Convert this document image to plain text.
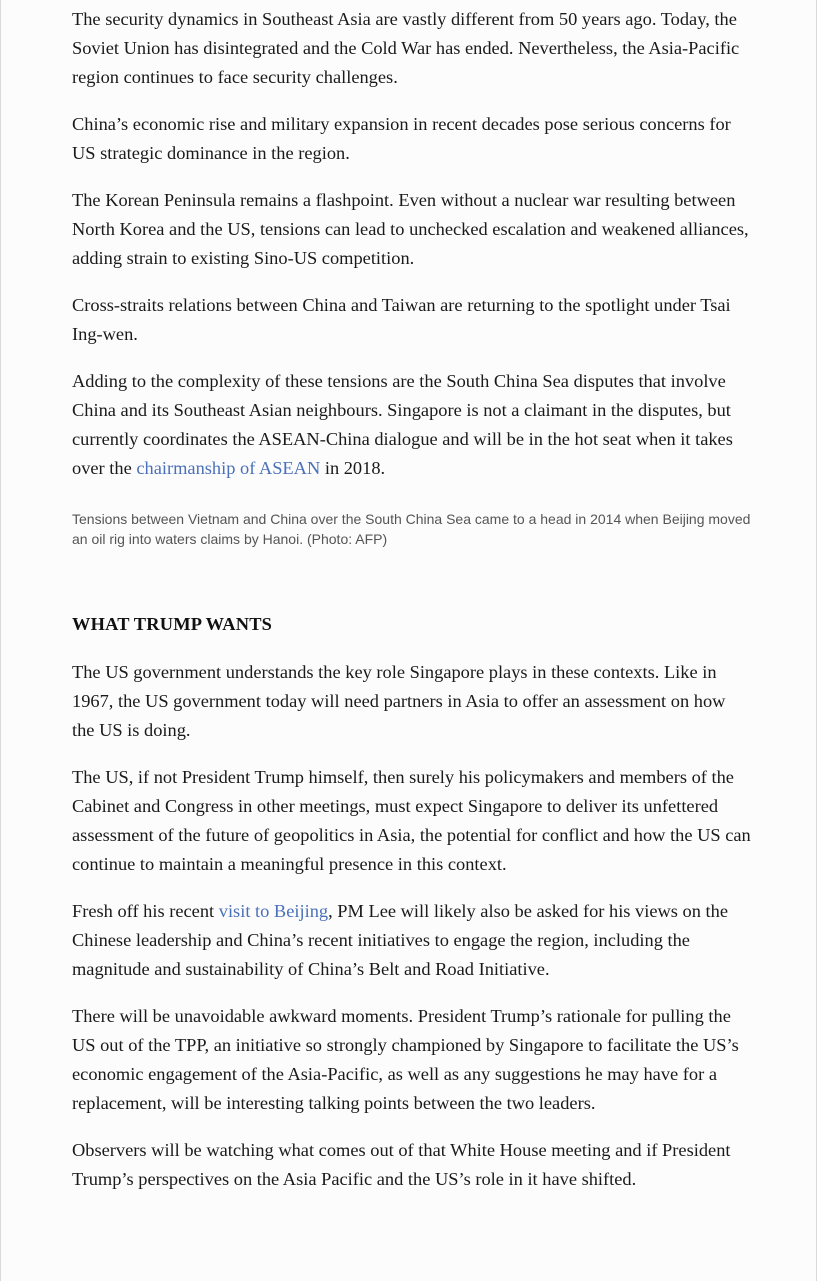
The security dynamics in Southeast Asia are vastly different from 50 years ago. Today, the Soviet Union has disintegrated and the Cold War has ended. Nevertheless, the Asia-Pacific region continues to face security challenges.

China’s economic rise and military expansion in recent decades pose serious concerns for US strategic dominance in the region.

The Korean Peninsula remains a flashpoint. Even without a nuclear war resulting between North Korea and the US, tensions can lead to unchecked escalation and weakened alliances, adding strain to existing Sino-US competition.

Cross-straits relations between China and Taiwan are returning to the spotlight under Tsai Ing-wen.

Adding to the complexity of these tensions are the South China Sea disputes that involve China and its Southeast Asian neighbours. Singapore is not a claimant in the disputes, but currently coordinates the ASEAN-China dialogue and will be in the hot seat when it takes over the chairmanship of ASEAN in 2018.

Tensions between Vietnam and China over the South China Sea came to a head in 2014 when Beijing moved an oil rig into waters claims by Hanoi. (Photo: AFP)

WHAT TRUMP WANTS

The US government understands the key role Singapore plays in these contexts. Like in 1967, the US government today will need partners in Asia to offer an assessment on how the US is doing.

The US, if not President Trump himself, then surely his policymakers and members of the Cabinet and Congress in other meetings, must expect Singapore to deliver its unfettered assessment of the future of geopolitics in Asia, the potential for conflict and how the US can continue to maintain a meaningful presence in this context.

Fresh off his recent visit to Beijing, PM Lee will likely also be asked for his views on the Chinese leadership and China’s recent initiatives to engage the region, including the magnitude and sustainability of China’s Belt and Road Initiative.

There will be unavoidable awkward moments. President Trump’s rationale for pulling the US out of the TPP, an initiative so strongly championed by Singapore to facilitate the US’s economic engagement of the Asia-Pacific, as well as any suggestions he may have for a replacement, will be interesting talking points between the two leaders.

Observers will be watching what comes out of that White House meeting and if President Trump’s perspectives on the Asia Pacific and the US’s role in it have shifted.
